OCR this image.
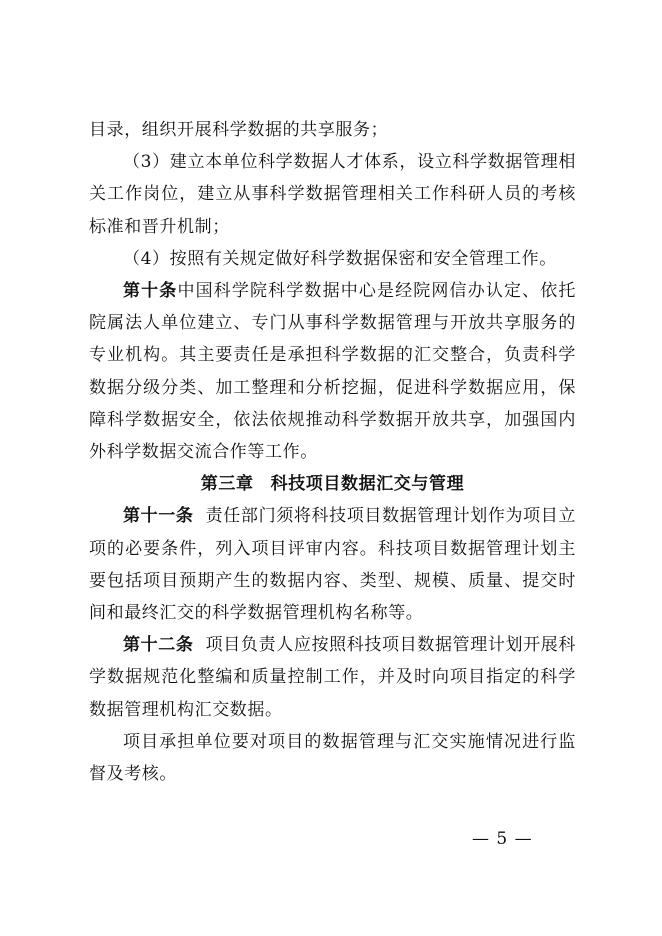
目录，组织开展科学数据的共享服务；

（3）建立本单位科学数据人才体系，设立科学数据管理相关工作岗位，建立从事科学数据管理相关工作科研人员的考核标准和晋升机制；

（4）按照有关规定做好科学数据保密和安全管理工作。

第十条中国科学院科学数据中心是经院网信办认定、依托院属法人单位建立、专门从事科学数据管理与开放共享服务的专业机构。其主要责任是承担科学数据的汇交整合，负责科学数据分级分类、加工整理和分析挖掘，促进科学数据应用，保障科学数据安全，依法依规推动科学数据开放共享，加强国内外科学数据交流合作等工作。

第三章 科技项目数据汇交与管理

第十一条 责任部门须将科技项目数据管理计划作为项目立项的必要条件，列入项目评审内容。科技项目数据管理计划主要包括项目预期产生的数据内容、类型、规模、质量、提交时间和最终汇交的科学数据管理机构名称等。

第十二条 项目负责人应按照科技项目数据管理计划开展科学数据规范化整编和质量控制工作，并及时向项目指定的科学数据管理机构汇交数据。

项目承担单位要对项目的数据管理与汇交实施情况进行监督及考核。

— 5 —
